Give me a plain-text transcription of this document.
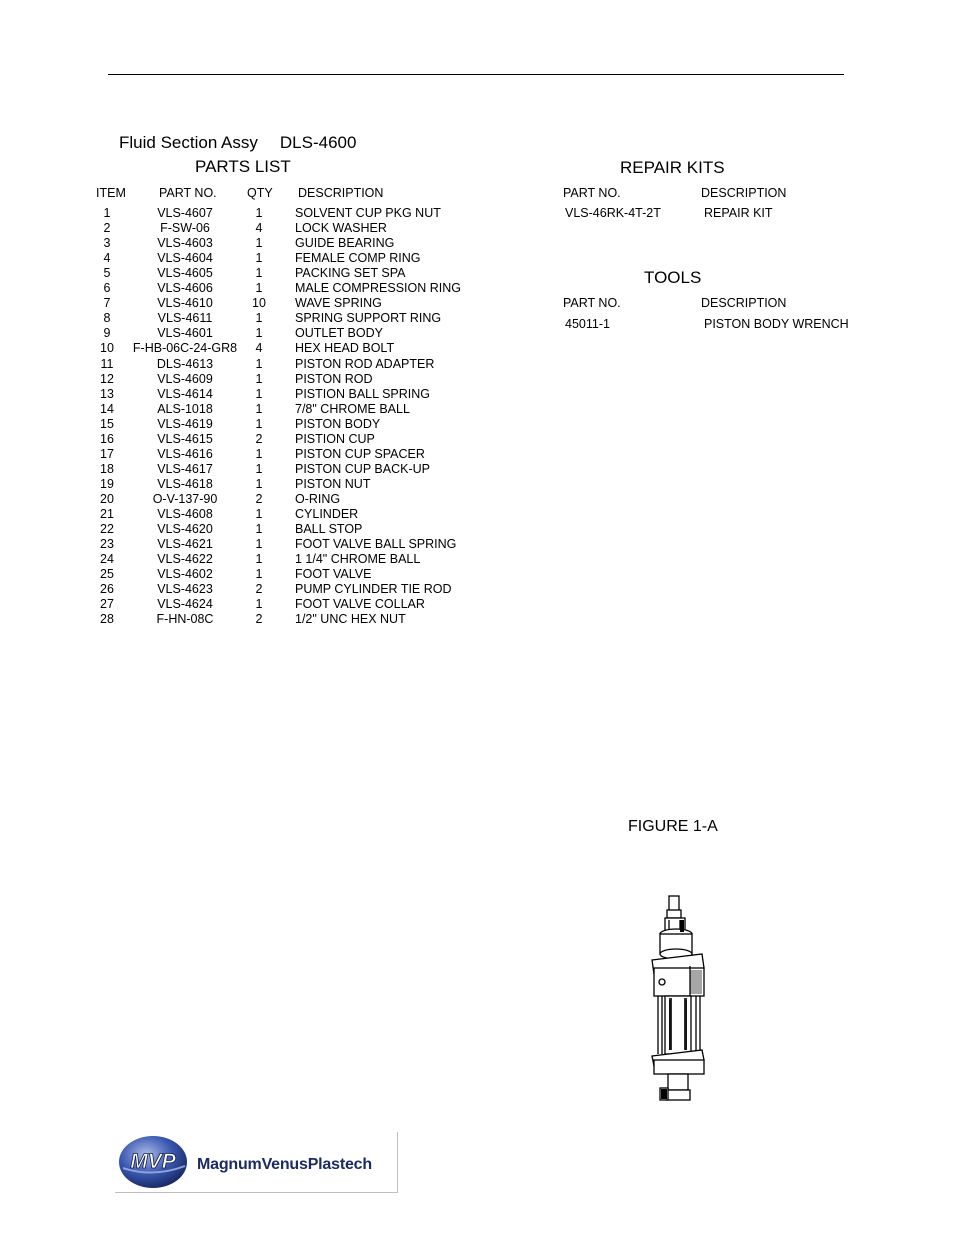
Fluid Section Assy DLS-4600
PARTS LIST
ITEM	PART NO. QTY DESCRIPTION
1	VLS-4607	1	SOLVENT CUP PKG NUT
2	F-SW-06	4	LOCK WASHER
3	VLS-4603	1	GUIDE BEARING
4	VLS-4604	1	FEMALE COMP RING
5	VLS-4605	1	PACKING SET SPA
6	VLS-4606	1	MALE COMPRESSION RING
7	VLS-4610	10	WAVE SPRING
8	VLS-4611	1	SPRING SUPPORT RING
9	VLS-4601	1	OUTLET BODY
10 F-HB-06C-24-GR8	4	HEX HEAD BOLT
11	DLS-4613	1	PISTON ROD ADAPTER
12	VLS-4609	1	PISTON ROD
13	VLS-4614	1	PISTION BALL SPRING
14	ALS-1018	1	7/8" CHROME BALL
15	VLS-4619	1	PISTON BODY
16	VLS-4615	2	PISTION CUP
17	VLS-4616	1	PISTON CUP SPACER
18	VLS-4617	1	PISTON CUP BACK-UP
19	VLS-4618	1	PISTON NUT
20	O-V-137-90	2	O-RING
21	VLS-4608	1	CYLINDER
22	VLS-4620	1	BALL STOP
23	VLS-4621	1	FOOT VALVE BALL SPRING
24	VLS-4622	1	1 1/4" CHROME BALL
25	VLS-4602	1	FOOT VALVE
26	VLS-4623	2	PUMP CYLINDER TIE ROD
27	VLS-4624	1	FOOT VALVE COLLAR
28	F-HN-08C	2	1/2" UNC HEX NUT
REPAIR KITS
PART NO.	DESCRIPTION
VLS-46RK-4T-2T	REPAIR KIT
TOOLS
PART NO.	DESCRIPTION
45011-1	PISTON BODY WRENCH
FIGURE 1-A
MVP MagnumVenusPlastech
